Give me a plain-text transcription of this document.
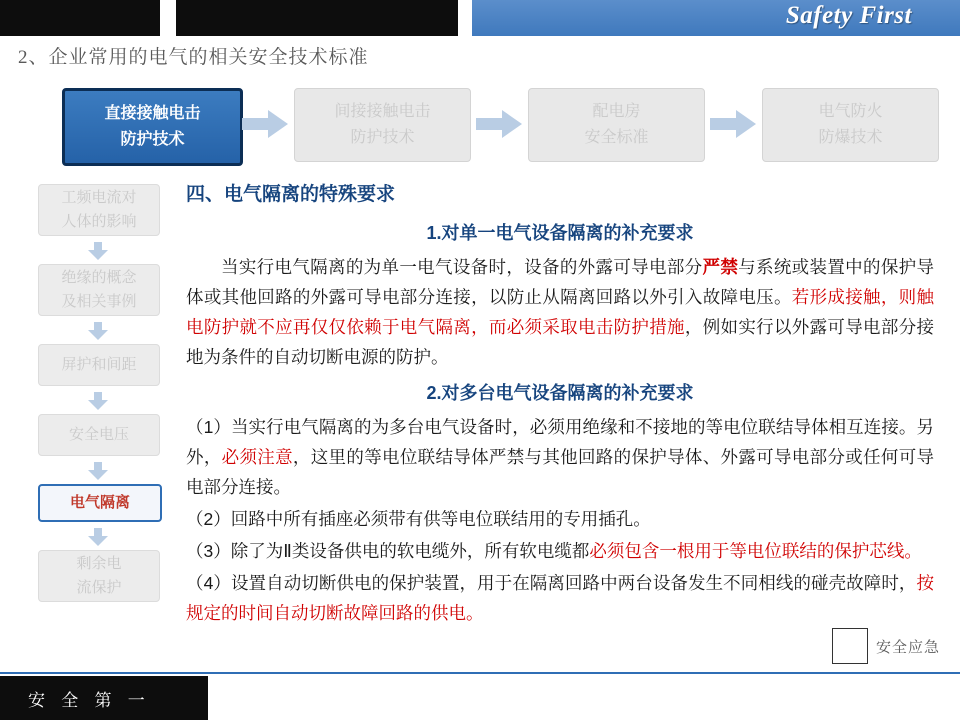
Safety First
2、企业常用的电气的相关安全技术标准
直接接触电击
防护技术
间接接触电击
防护技术
配电房
安全标准
电气防火
防爆技术
工频电流对
人体的影响
绝缘的概念
及相关事例
屏护和间距
安全电压
电气隔离
剩余电
流保护
四、电气隔离的特殊要求
1.对单一电气设备隔离的补充要求

当实行电气隔离的为单一电气设备时，设备的外露可导电部分严禁与系统或装置中的保护导体或其他回路的外露可导电部分连接，以防止从隔离回路以外引入故障电压。若形成接触，则触电防护就不应再仅仅依赖于电气隔离，而必须采取电击防护措施，例如实行以外露可导电部分接地为条件的自动切断电源的防护。

2.对多台电气设备隔离的补充要求

（1）当实行电气隔离的为多台电气设备时，必须用绝缘和不接地的等电位联结导体相互连接。另外，必须注意，这里的等电位联结导体严禁与其他回路的保护导体、外露可导电部分或任何可导电部分连接。

（2）回路中所有插座必须带有供等电位联结用的专用插孔。

（3）除了为Ⅱ类设备供电的软电缆外，所有软电缆都必须包含一根用于等电位联结的保护芯线。

（4）设置自动切断供电的保护装置，用于在隔离回路中两台设备发生不同相线的碰壳故障时，按规定的时间自动切断故障回路的供电。

安全应急
安 全 第 一
